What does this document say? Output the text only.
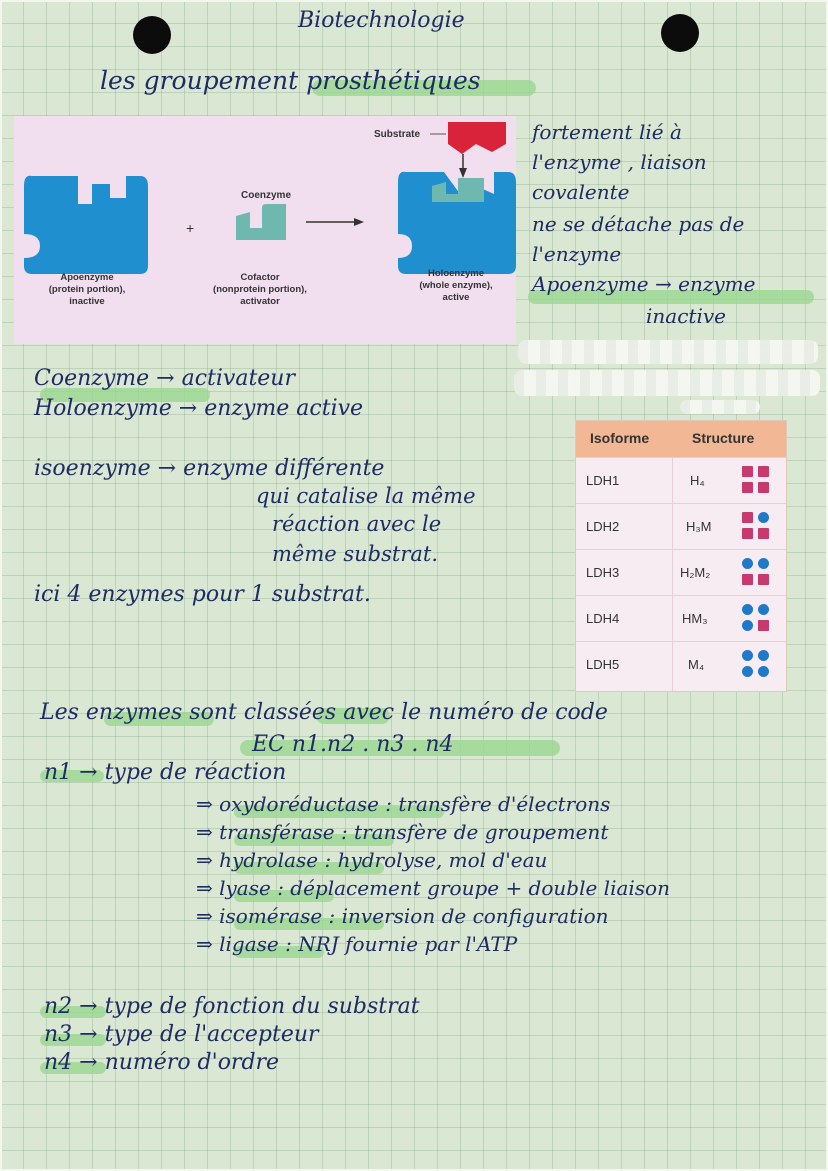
Biotechnologie
les groupement prosthétiques
Substrate
Coenzyme
+
Apoenzyme
(protein portion),
inactive
Cofactor
(nonprotein portion),
activator
Holoenzyme
(whole enzyme),
active
fortement lié à
l'enzyme , liaison
covalente
ne se détache pas de
l'enzyme
Apoenzyme → enzyme
inactive
Coenzyme → activateur
Holoenzyme → enzyme active
isoenzyme → enzyme différente
qui catalise la même
réaction avec le
même substrat.
ici 4 enzymes pour 1 substrat.
Isoforme	Structure
LDH1	H₄
LDH2	H₃M
LDH3	H₂M₂
LDH4	HM₃
LDH5	M₄
Les enzymes sont classées avec le numéro de code
EC n1.n2 . n3 . n4
n1 → type de réaction
⇒ oxydoréductase : transfère d'électrons
⇒ transférase : transfère de groupement
⇒ hydrolase : hydrolyse, mol d'eau
⇒ lyase : déplacement groupe + double liaison
⇒ isomérase : inversion de configuration
⇒ ligase : NRJ fournie par l'ATP
n2 → type de fonction du substrat
n3 → type de l'accepteur
n4 → numéro d'ordre
